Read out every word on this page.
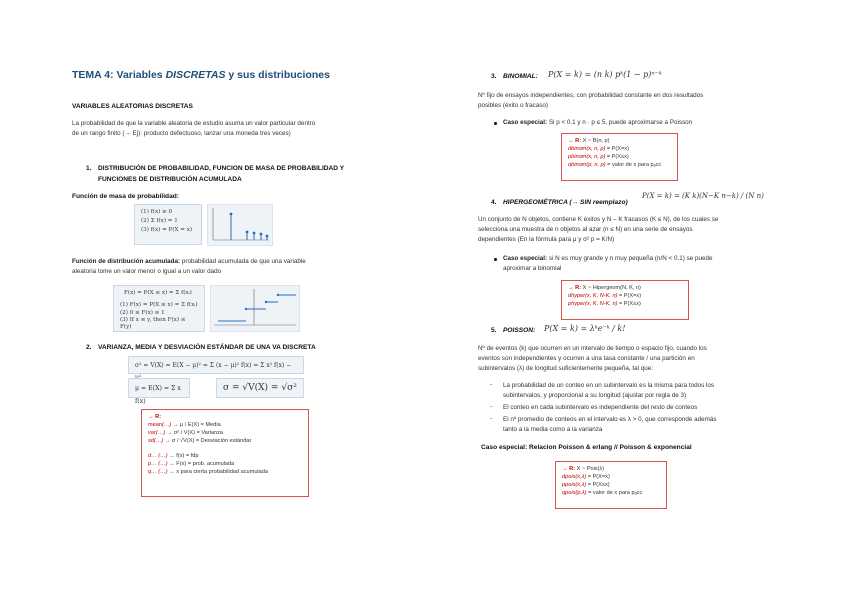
TEMA 4: Variables DISCRETAS y sus distribuciones
VARIABLES ALEATORIAS DISCRETAS
La probabilidad de que la variable aleatoria de estudio asuma un valor particular dentro
de un rango finito (→ Ej): producto defectuoso, lanzar una moneda tres veces)
1. DISTRIBUCIÓN DE PROBABILIDAD, FUNCION DE MASA DE PROBABILIDAD Y
FUNCIONES DE DISTRIBUCIÓN ACUMULADA
Función de masa de probabilidad:
(1) f(x) ≥ 0
(2) Σ f(x) = 1
(3) f(x) = P(X = x)
Función de distribución acumulada: probabilidad acumulada de que una variable
aleatoria tome un valor menor o igual a un valor dado
F(x) = P(X ≤ x) = Σ f(xᵢ)
(1) F(x) = P(X ≤ x) = Σ f(xᵢ)
(2) 0 ≤ F(x) ≤ 1
(3) If x ≤ y, then F(x) ≤ F(y)
2. VARIANZA, MEDIA Y DESVIACIÓN ESTÁNDAR DE UNA VA DISCRETA
σ² = V(X) = E(X − μ)² = Σ (x − μ)² f(x) = Σ x² f(x) −
μ = E(X) = Σ x f(x)
σ = √V(X) = √σ²
→ R:
mean(…) → μ / E(X) = Media
var(…) → σ² / V(X) = Varianza
sd(…) → σ / √V(X) = Desviación estándar
d… (…) → f(x) = fdp
p… (…) → F(x) = prob. acumulada
q… (…) → x para cierta probabilidad acumulada
3. BINOMIAL: P(X = k) = (n k) pᵏ(1 − p)ⁿ⁻ᵏ
Nº fijo de ensayos independientes, con probabilidad constante en dos resultados
posibles (éxito o fracaso)
Caso especial: Si p < 0.1 y n · p ≤ 5, puede aproximarse a Poisson
→ R: X ~ B(n, p)
dbinom(x, n, p) = P(X=x)
pbinom(x, n, p) = P(X≤x)
qbinom(p, n, p) = valor de x para pₐcc
4. HIPERGEOMÉTRICA (→ SIN reemplazo)
P(X = k) = (K k)(N−K n−k) / (N n)
Un conjunto de N objetos, contiene K éxitos y N – K fracasos (K ≤ N), de los cuales se
selecciona una muestra de n objetos al azar (n ≤ N) en una serie de ensayos
dependientes (En la fórmula para μ y σ² p = K/N)
Caso especial: si N es muy grande y n muy pequeña (n/N < 0.1) se puede
aproximar a binomial
→ R: X ~ Hipergeom(N, K, n)
dhyper(x, K, N-K, n) = P(X=x)
phyper(x, K, N-K, n) = P(X≤x)
5. POISSON: P(X = k) = λᵏe⁻ᵏ / k!
Nº de eventos (k) que ocurren en un intervalo de tiempo o espacio fijo, cuando los
eventos son independientes y ocurren a una tasa constante / una partición en
subintervalos (λ) de longitud suficientemente pequeña, tal que:
- La probabilidad de un conteo en un subintervalo es la misma para todos los
subintervalos, y proporcional a su longitud (ajustar por regla de 3)
- El conteo en cada subintervalo es independiente del resto de conteos
- El nº promedio de conteos en el intervalo es λ > 0, que corresponde además
tanto a la media como a la varianza
Caso especial: Relacion Poisson & erlang // Poisson & exponencial
→ R: X ~ Pois(λ)
dpois(x,λ) = P(X=x)
ppois(x,λ) = P(X≤x)
qpois(p,λ) = valor de x para pₐcc
